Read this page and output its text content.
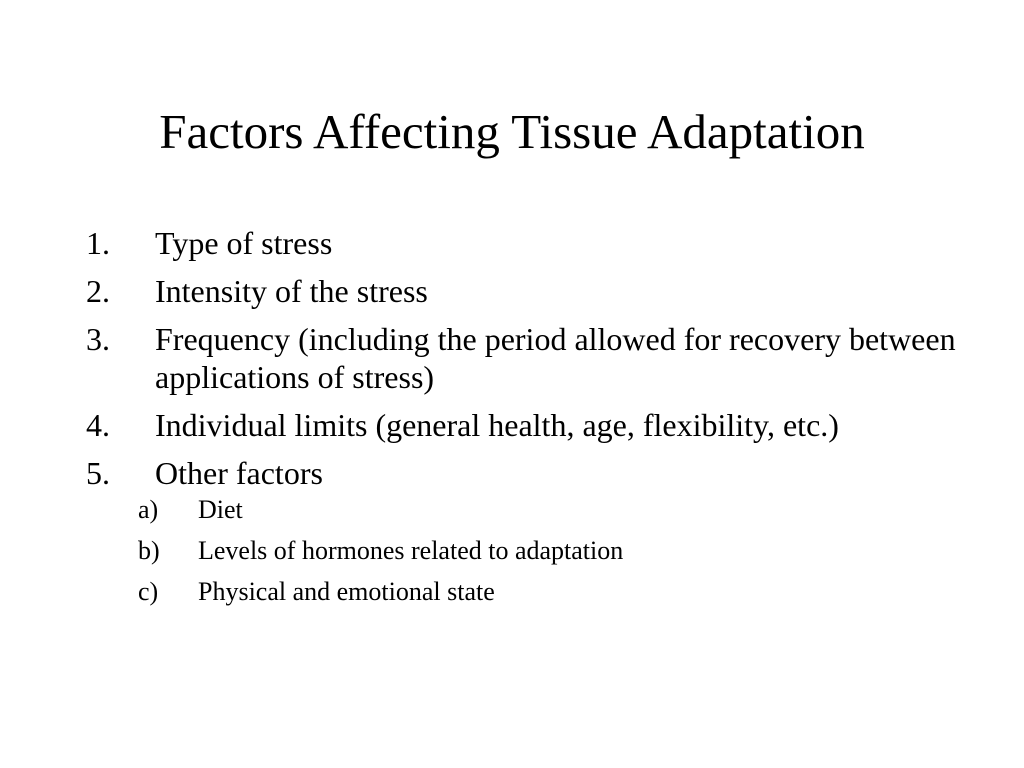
Factors Affecting Tissue Adaptation
1. Type of stress
2. Intensity of the stress
3. Frequency (including the period allowed for recovery between applications of stress)
4. Individual limits (general health, age, flexibility, etc.)
5. Other factors
a) Diet
b) Levels of hormones related to adaptation
c) Physical and emotional state
